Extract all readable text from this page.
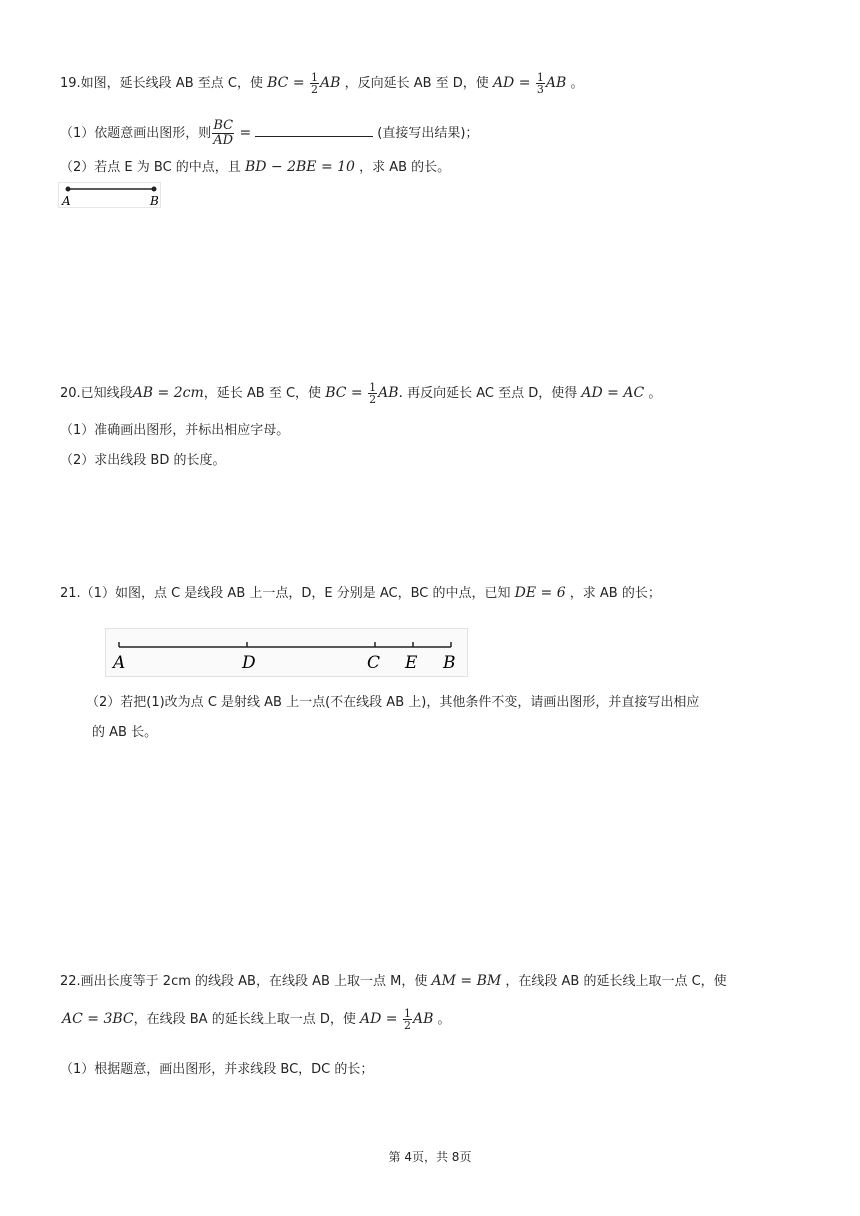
19.如图，延长线段 AB 至点 C，使 BC = $\frac{1}{2}$ AB ，反向延长 AB 至 D，使 AD = $\frac{1}{3}$ AB 。
（1）依题意画出图形，则 $\frac{BC}{AD}$ =	(直接写出结果)；
（2）若点 E 为 BC 的中点，且 BD − 2BE = 10 ，求 AB 的长。
A	B
20.已知线段AB = 2cm，延长 AB 至 C，使 BC = $\frac{1}{2}$ AB. 再反向延长 AC 至点 D，使得 AD = AC 。
（1）准确画出图形，并标出相应字母。
（2）求出线段 BD 的长度。
21.（1）如图，点 C 是线段 AB 上一点，D，E 分别是 AC，BC 的中点，已知 DE = 6 ，求 AB 的长；
A	D	C E B
（2）若把(1)改为点 C 是射线 AB 上一点(不在线段 AB 上)，其他条件不变，请画出图形，并直接写出相应
的 AB 长。
22.画出长度等于 2cm 的线段 AB，在线段 AB 上取一点 M，使 AM = BM ，在线段 AB 的延长线上取一点 C，使
AC = 3BC，在线段 BA 的延长线上取一点 D，使 AD = $\frac{1}{2}$ AB 。
（1）根据题意，画出图形，并求线段 BC，DC 的长；
第 4页，共 8页
